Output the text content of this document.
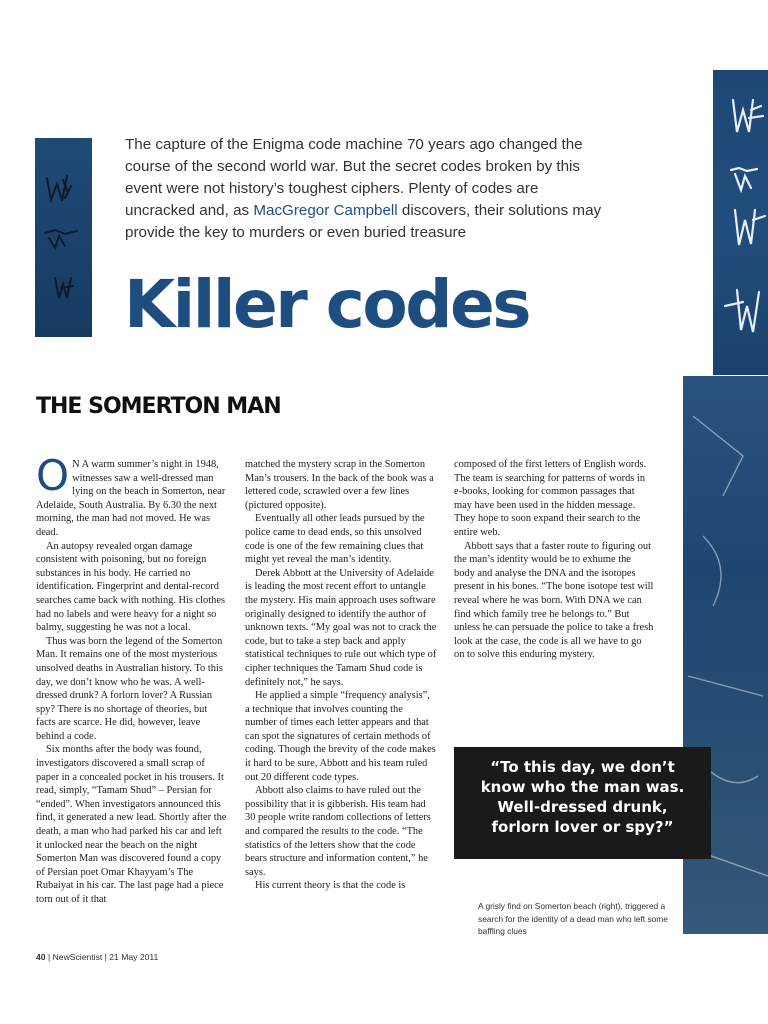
The capture of the Enigma code machine 70 years ago changed the course of the second world war. But the secret codes broken by this event were not history’s toughest ciphers. Plenty of codes are uncracked and, as MacGregor Campbell discovers, their solutions may provide the key to murders or even buried treasure
Killer codes
THE SOMERTON MAN

O N A warm summer’s night in 1948, witnesses saw a well-dressed man lying on the beach in Somerton, near Adelaide, South Australia. By 6.30 the next morning, the man had not moved. He was dead.

An autopsy revealed organ damage consistent with poisoning, but no foreign substances in his body. He carried no identification. Fingerprint and dental-record searches came back with nothing. His clothes had no labels and were heavy for a night so balmy, suggesting he was not a local.

Thus was born the legend of the Somerton Man. It remains one of the most mysterious unsolved deaths in Australian history. To this day, we don’t know who he was. A well-dressed drunk? A forlorn lover? A Russian spy? There is no shortage of theories, but facts are scarce. He did, however, leave behind a code.

Six months after the body was found, investigators discovered a small scrap of paper in a concealed pocket in his trousers. It read, simply, “Tamam Shud” – Persian for “ended”. When investigators announced this find, it generated a new lead. Shortly after the death, a man who had parked his car and left it unlocked near the beach on the night Somerton Man was discovered found a copy of Persian poet Omar Khayyam’s The Rubaiyat in his car. The last page had a piece torn out of it that

matched the mystery scrap in the Somerton Man’s trousers. In the back of the book was a lettered code, scrawled over a few lines (pictured opposite).

Eventually all other leads pursued by the police came to dead ends, so this unsolved code is one of the few remaining clues that might yet reveal the man’s identity.

Derek Abbott at the University of Adelaide is leading the most recent effort to untangle the mystery. His main approach uses software originally designed to identify the author of unknown texts. “My goal was not to crack the code, but to take a step back and apply statistical techniques to rule out which type of cipher techniques the Tamam Shud code is definitely not,” he says.

He applied a simple “frequency analysis”, a technique that involves counting the number of times each letter appears and that can spot the signatures of certain methods of coding. Though the brevity of the code makes it hard to be sure, Abbott and his team ruled out 20 different code types.

Abbott also claims to have ruled out the possibility that it is gibberish. His team had 30 people write random collections of letters and compared the results to the code. “The statistics of the letters show that the code bears structure and information content,” he says.

His current theory is that the code is

composed of the first letters of English words. The team is searching for patterns of words in e-books, looking for common passages that may have been used in the hidden message. They hope to soon expand their search to the entire web.

Abbott says that a faster route to figuring out the man’s identity would be to exhume the body and analyse the DNA and the isotopes present in his bones. “The bone isotope test will reveal where he was born. With DNA we can find which family tree he belongs to.” But unless he can persuade the police to take a fresh look at the case, the code is all we have to go on to solve this enduring mystery.

“To this day, we don’t know who the man was. Well-dressed drunk, forlorn lover or spy?”

A grisly find on Somerton beach (right), triggered a search for the identity of a dead man who left some baffling clues
40 | NewScientist | 21 May 2011
